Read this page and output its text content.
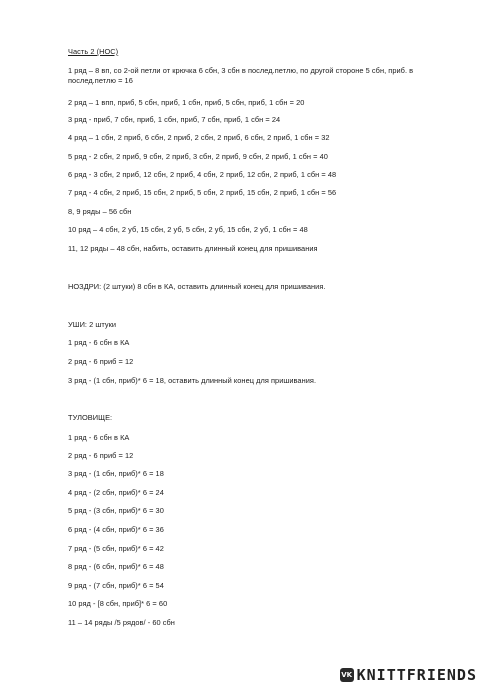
Часть 2 (НОС)
1 ряд – 8 вп, со 2-ой петли от крючка 6 сбн, 3 сбн в послед.петлю, по другой стороне 5 сбн, приб. в послед.петлю = 16
2 ряд – 1 впп, приб, 5 сбн, приб, 1 сбн, приб, 5 сбн, приб, 1 сбн = 20
3 ряд - приб, 7 сбн, приб, 1 сбн, приб, 7 сбн, приб, 1 сбн = 24
4 ряд – 1 сбн, 2 приб, 6 сбн, 2 приб, 2 сбн, 2 приб, 6 сбн, 2 приб, 1 сбн = 32
5 ряд - 2 сбн, 2 приб, 9 сбн, 2 приб, 3 сбн, 2 приб, 9 сбн, 2 приб, 1 сбн = 40
6 ряд - 3 сбн, 2 приб, 12 сбн, 2 приб, 4 сбн, 2 приб, 12 сбн, 2 приб, 1 сбн = 48
7 ряд - 4 сбн, 2 приб, 15 сбн, 2 приб, 5 сбн, 2 приб, 15 сбн, 2 приб, 1 сбн = 56
8, 9 ряды – 56 сбн
10 ряд – 4 сбн, 2 уб, 15 сбн, 2 уб, 5 сбн, 2 уб, 15 сбн, 2 уб, 1 сбн = 48
11, 12 ряды – 48 сбн, набить, оставить длинный конец для пришивания
НОЗДРИ: (2 штуки) 8 сбн в КА, оставить длинный конец для пришивания.
УШИ: 2 штуки
1 ряд - 6 сбн в КА
2 ряд - 6 приб = 12
3 ряд - (1 сбн, приб)* 6 = 18, оставить длинный конец для пришивания.
ТУЛОВИЩЕ:
1 ряд - 6 сбн в КА
2 ряд - 6 приб = 12
3 ряд - (1 сбн, приб)* 6 = 18
4 ряд - (2 сбн, приб)* 6 = 24
5 ряд - (3 сбн, приб)* 6 = 30
6 ряд - (4 сбн, приб)* 6 = 36
7 ряд - (5 сбн, приб)* 6 = 42
8 ряд - (6 сбн, приб)* 6 = 48
9 ряд - (7 сбн, приб)* 6 = 54
10 ряд - [8 сбн, приб]* 6 = 60
11 – 14 ряды /5 рядов/ - 60 сбн
VK KNITTFRIENDS
